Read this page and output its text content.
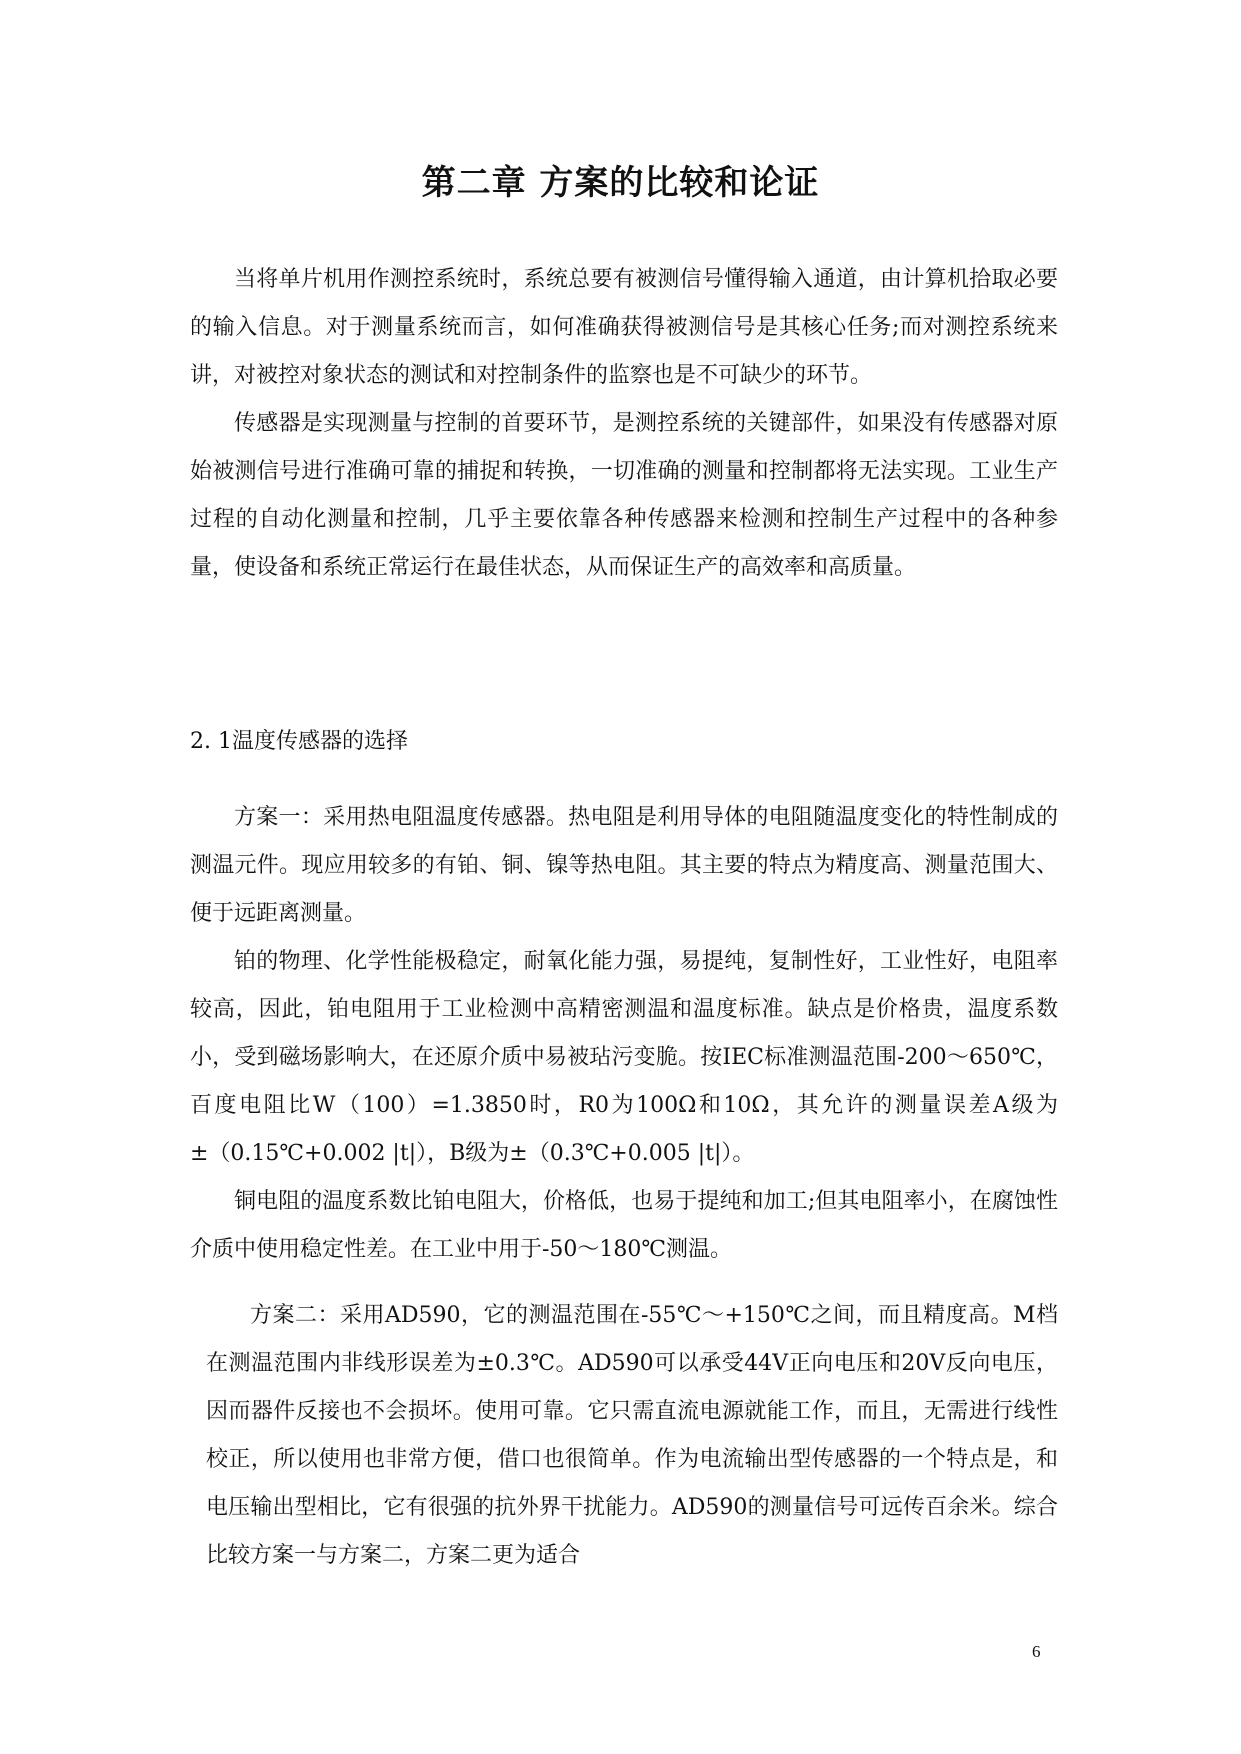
第二章 方案的比较和论证

当将单片机用作测控系统时，系统总要有被测信号懂得输入通道，由计算机拾取必要的输入信息。对于测量系统而言，如何准确获得被测信号是其核心任务;而对测控系统来讲，对被控对象状态的测试和对控制条件的监察也是不可缺少的环节。

传感器是实现测量与控制的首要环节，是测控系统的关键部件，如果没有传感器对原始被测信号进行准确可靠的捕捉和转换，一切准确的测量和控制都将无法实现。工业生产过程的自动化测量和控制，几乎主要依靠各种传感器来检测和控制生产过程中的各种参量，使设备和系统正常运行在最佳状态，从而保证生产的高效率和高质量。

2. 1温度传感器的选择

方案一：采用热电阻温度传感器。热电阻是利用导体的电阻随温度变化的特性制成的测温元件。现应用较多的有铂、铜、镍等热电阻。其主要的特点为精度高、测量范围大、便于远距离测量。

铂的物理、化学性能极稳定，耐氧化能力强，易提纯，复制性好，工业性好，电阻率较高，因此，铂电阻用于工业检测中高精密测温和温度标准。缺点是价格贵，温度系数小，受到磁场影响大，在还原介质中易被玷污变脆。按IEC标准测温范围-200～650℃，百度电阻比W（100）=1.3850时，R0为100Ω和10Ω，其允许的测量误差A级为±（0.15℃+0.002 |t|），B级为±（0.3℃+0.005 |t|）。

铜电阻的温度系数比铂电阻大，价格低，也易于提纯和加工;但其电阻率小，在腐蚀性介质中使用稳定性差。在工业中用于-50～180℃测温。

方案二：采用AD590，它的测温范围在-55℃～+150℃之间，而且精度高。M档在测温范围内非线形误差为±0.3℃。AD590可以承受44V正向电压和20V反向电压，因而器件反接也不会损坏。使用可靠。它只需直流电源就能工作，而且，无需进行线性校正，所以使用也非常方便，借口也很简单。作为电流输出型传感器的一个特点是，和电压输出型相比，它有很强的抗外界干扰能力。AD590的测量信号可远传百余米。综合比较方案一与方案二，方案二更为适合

6
